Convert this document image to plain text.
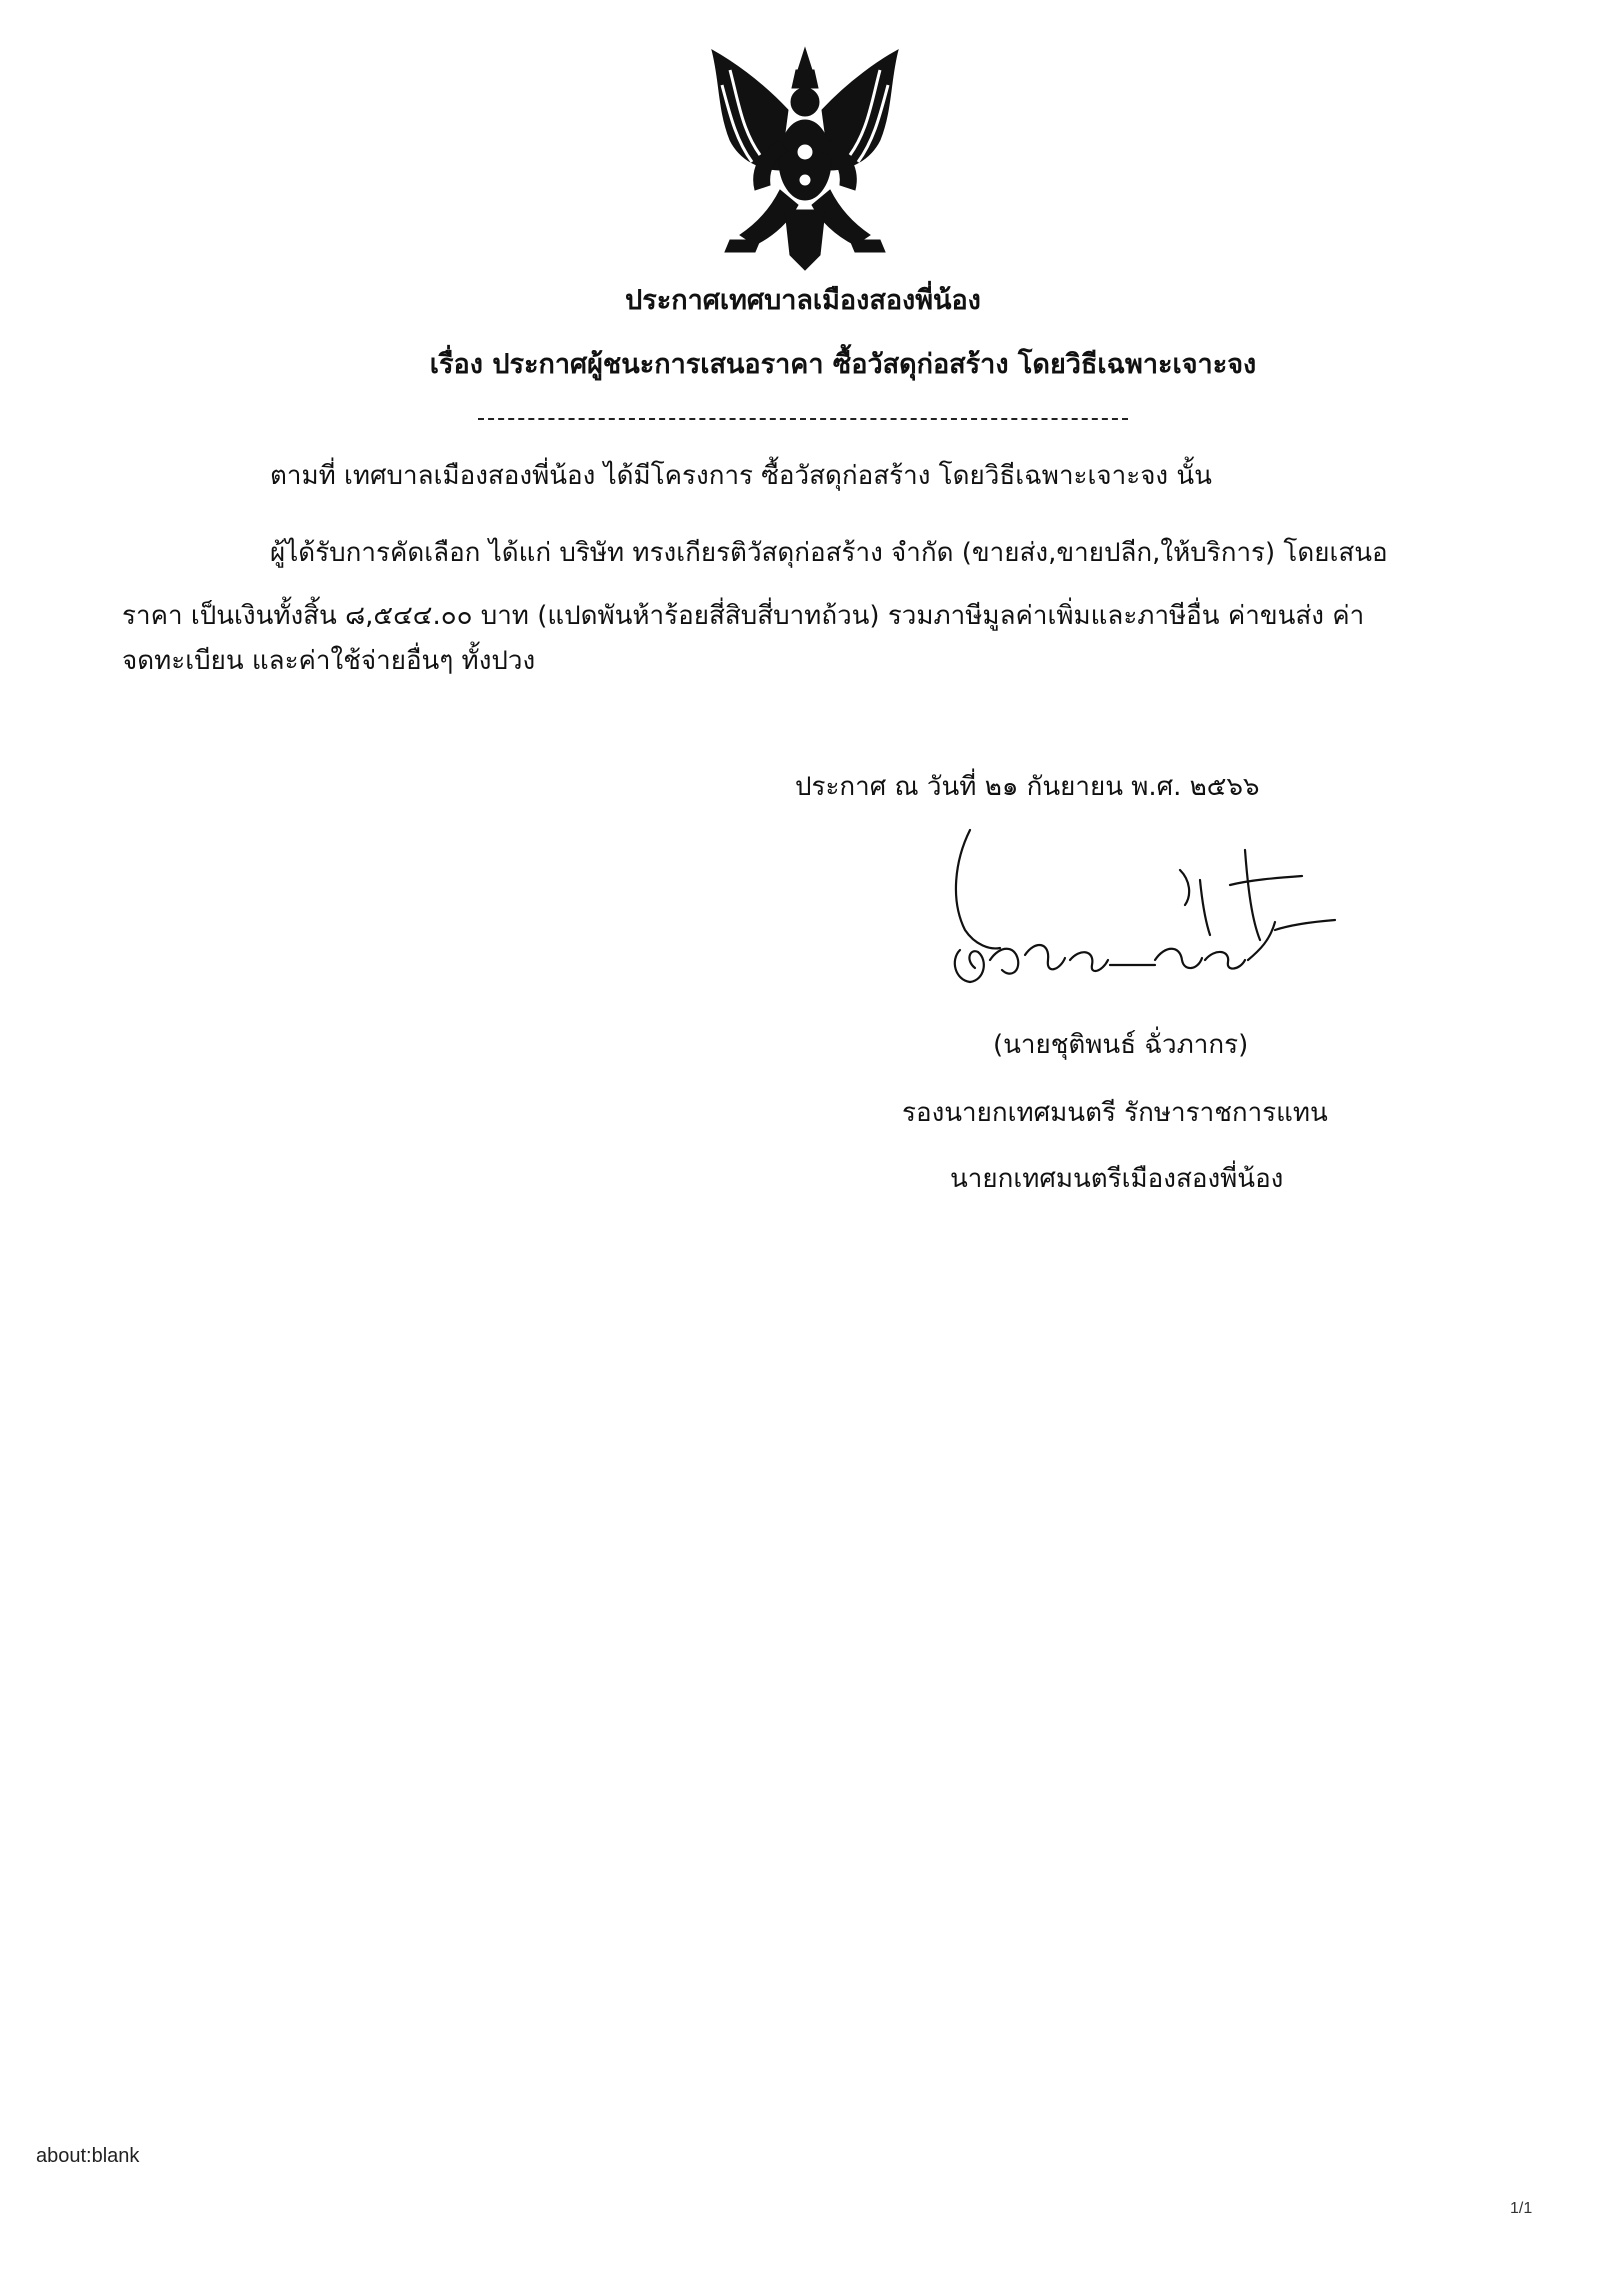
ประกาศเทศบาลเมืองสองพี่น้อง
เรื่อง ประกาศผู้ชนะการเสนอราคา ซื้อวัสดุก่อสร้าง โดยวิธีเฉพาะเจาะจง
ตามที่ เทศบาลเมืองสองพี่น้อง ได้มีโครงการ ซื้อวัสดุก่อสร้าง โดยวิธีเฉพาะเจาะจง นั้น
ผู้ได้รับการคัดเลือก ได้แก่ บริษัท ทรงเกียรติวัสดุก่อสร้าง จำกัด (ขายส่ง,ขายปลีก,ให้บริการ) โดยเสนอ
ราคา เป็นเงินทั้งสิ้น ๘,๕๔๔.๐๐ บาท (แปดพันห้าร้อยสี่สิบสี่บาทถ้วน) รวมภาษีมูลค่าเพิ่มและภาษีอื่น ค่าขนส่ง ค่า
จดทะเบียน และค่าใช้จ่ายอื่นๆ ทั้งปวง
ประกาศ ณ วันที่ ๒๑ กันยายน พ.ศ. ๒๕๖๖
(นายชุติพนธ์ ฉั่วภากร)
รองนายกเทศมนตรี รักษาราชการแทน
นายกเทศมนตรีเมืองสองพี่น้อง
about:blank
1/1
